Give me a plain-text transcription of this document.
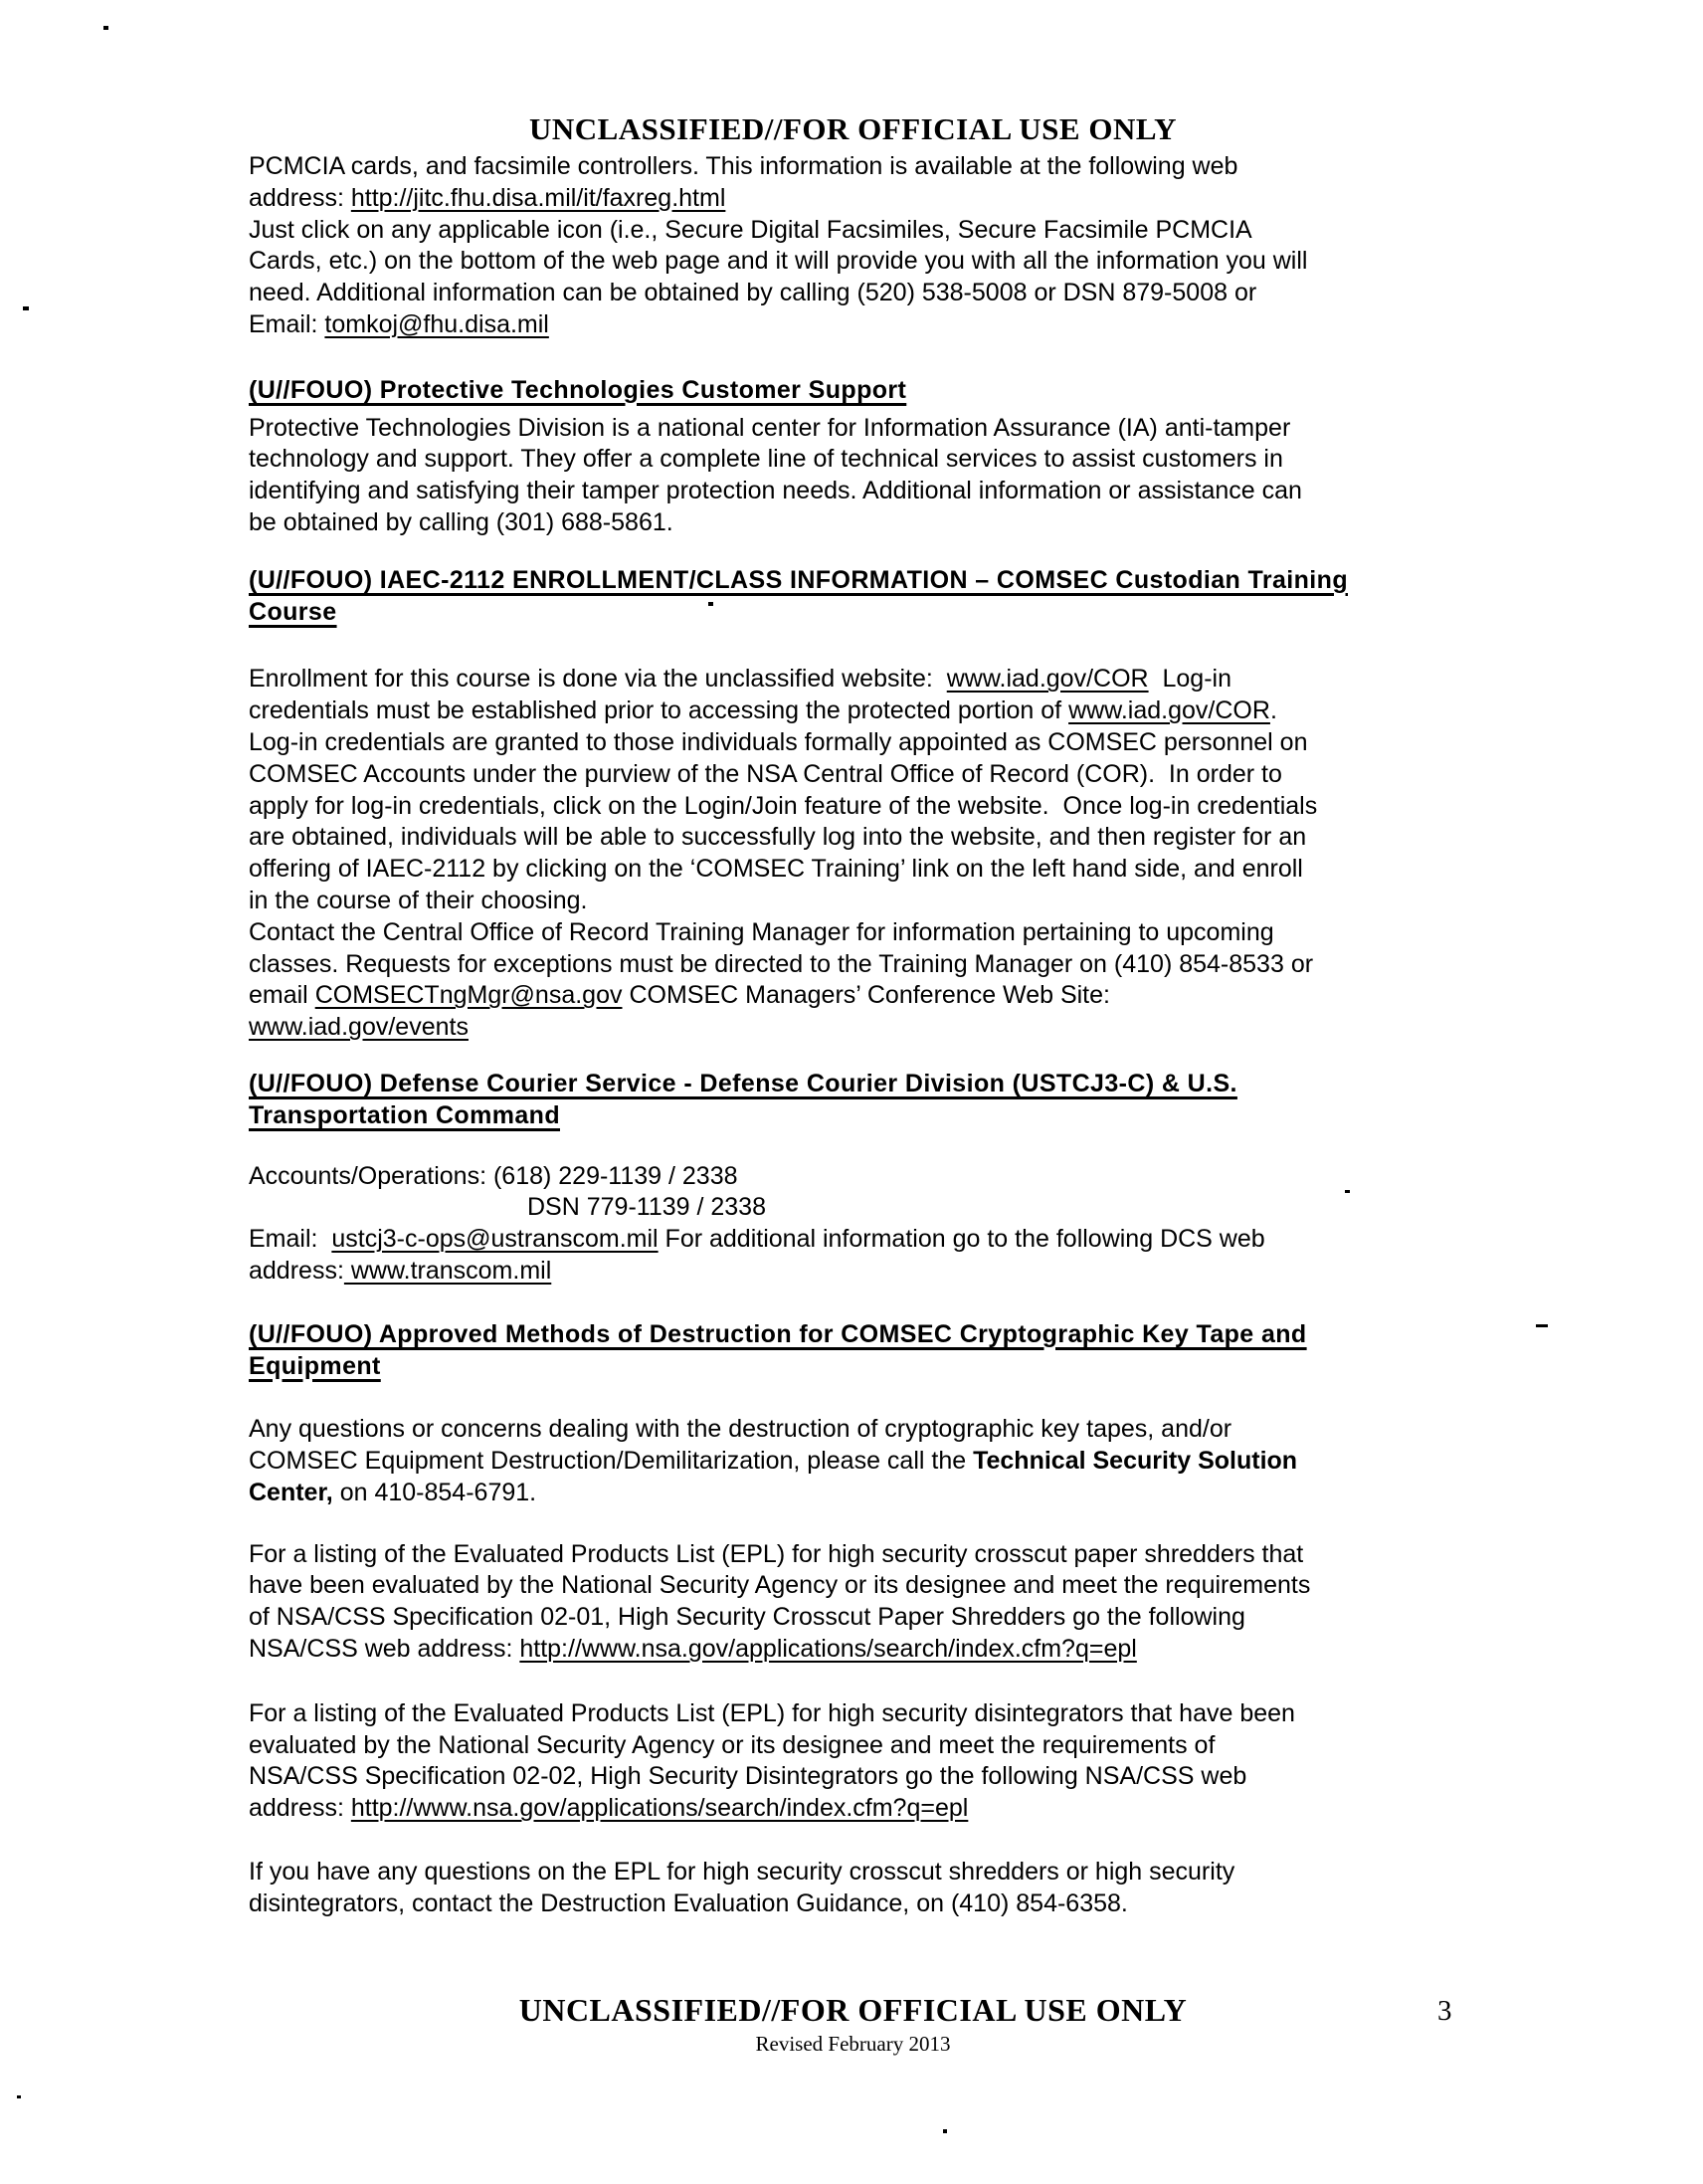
UNCLASSIFIED//FOR OFFICIAL USE ONLY
PCMCIA cards, and facsimile controllers. This information is available at the following web
address: http://jitc.fhu.disa.mil/it/faxreg.html
Just click on any applicable icon (i.e., Secure Digital Facsimiles, Secure Facsimile PCMCIA
Cards, etc.) on the bottom of the web page and it will provide you with all the information you will
need. Additional information can be obtained by calling (520) 538-5008 or DSN 879-5008 or
Email: tomkoj@fhu.disa.mil
(U//FOUO) Protective Technologies Customer Support
Protective Technologies Division is a national center for Information Assurance (IA) anti-tamper
technology and support. They offer a complete line of technical services to assist customers in
identifying and satisfying their tamper protection needs. Additional information or assistance can
be obtained by calling (301) 688-5861.
(U//FOUO) IAEC-2112 ENROLLMENT/CLASS INFORMATION – COMSEC Custodian Training
Course
Enrollment for this course is done via the unclassified website:  www.iad.gov/COR  Log-in
credentials must be established prior to accessing the protected portion of www.iad.gov/COR.
Log-in credentials are granted to those individuals formally appointed as COMSEC personnel on
COMSEC Accounts under the purview of the NSA Central Office of Record (COR).  In order to
apply for log-in credentials, click on the Login/Join feature of the website.  Once log-in credentials
are obtained, individuals will be able to successfully log into the website, and then register for an
offering of IAEC-2112 by clicking on the ‘COMSEC Training’ link on the left hand side, and enroll
in the course of their choosing.
Contact the Central Office of Record Training Manager for information pertaining to upcoming
classes. Requests for exceptions must be directed to the Training Manager on (410) 854-8533 or
email COMSECTngMgr@nsa.gov COMSEC Managers’ Conference Web Site:
www.iad.gov/events
(U//FOUO) Defense Courier Service - Defense Courier Division (USTCJ3-C) & U.S.
Transportation Command
Accounts/Operations: (618) 229-1139 / 2338
DSN 779-1139 / 2338
Email:  ustcj3-c-ops@ustranscom.mil For additional information go to the following DCS web
address: www.transcom.mil
(U//FOUO) Approved Methods of Destruction for COMSEC Cryptographic Key Tape and
Equipment
Any questions or concerns dealing with the destruction of cryptographic key tapes, and/or
COMSEC Equipment Destruction/Demilitarization, please call the Technical Security Solution
Center, on 410-854-6791.
For a listing of the Evaluated Products List (EPL) for high security crosscut paper shredders that
have been evaluated by the National Security Agency or its designee and meet the requirements
of NSA/CSS Specification 02-01, High Security Crosscut Paper Shredders go the following
NSA/CSS web address: http://www.nsa.gov/applications/search/index.cfm?q=epl
For a listing of the Evaluated Products List (EPL) for high security disintegrators that have been
evaluated by the National Security Agency or its designee and meet the requirements of
NSA/CSS Specification 02-02, High Security Disintegrators go the following NSA/CSS web
address: http://www.nsa.gov/applications/search/index.cfm?q=epl
If you have any questions on the EPL for high security crosscut shredders or high security
disintegrators, contact the Destruction Evaluation Guidance, on (410) 854-6358.
UNCLASSIFIED//FOR OFFICIAL USE ONLY
Revised February 2013
3
